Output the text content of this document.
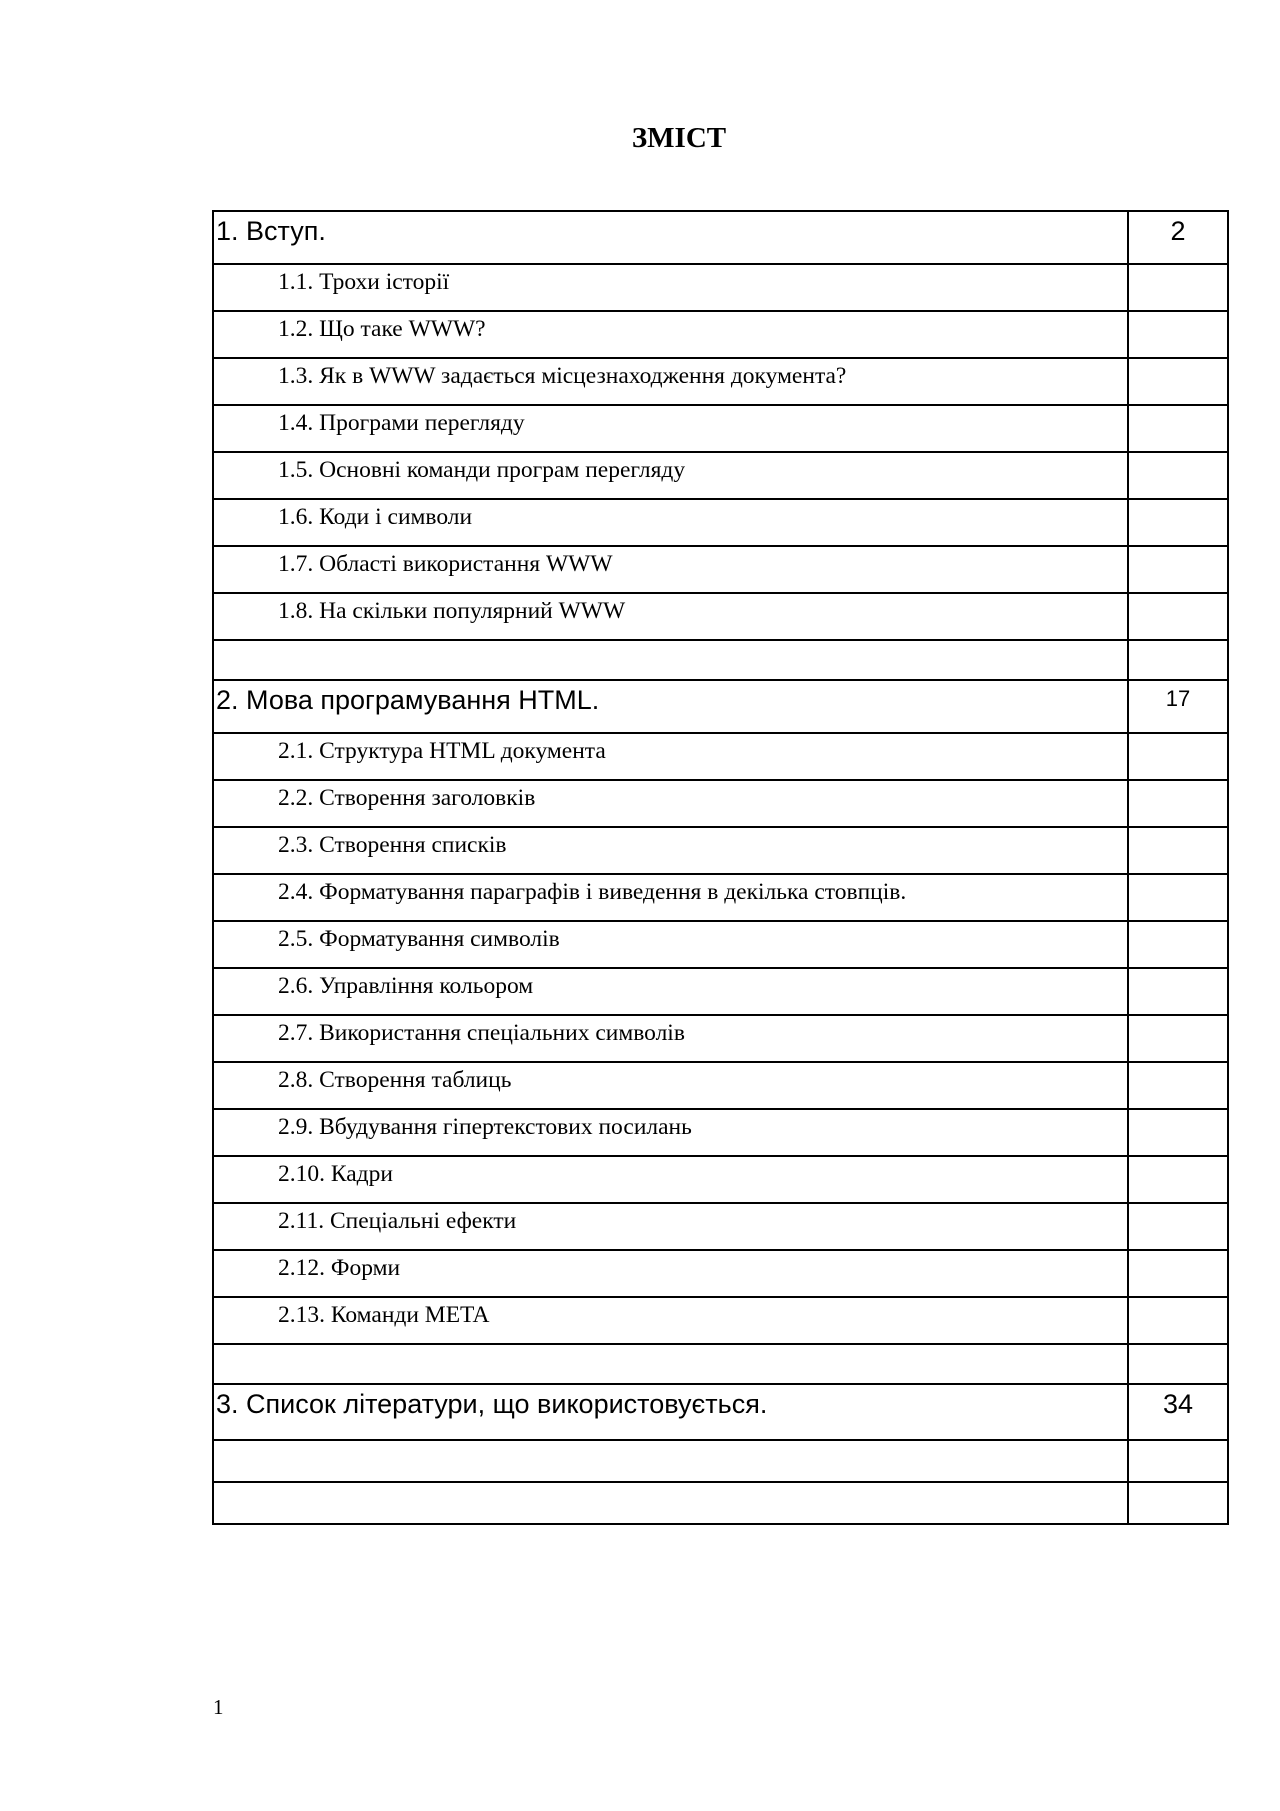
ЗМІСТ
1. Вступ.	2
1.1. Трохи історії	
1.2. Що таке WWW?	
1.3. Як в WWW задається місцезнаходження документа?	
1.4. Програми перегляду	
1.5. Основні команди програм перегляду	
1.6. Коди і символи	
1.7. Області використання WWW	
1.8. На скільки популярний WWW	

2. Мова програмування HTML.	17
2.1. Структура HTML документа	
2.2. Створення заголовків	
2.3. Створення списків	
2.4. Форматування параграфів і виведення в декілька стовпців.	
2.5. Форматування символів	
2.6. Управління кольором	
2.7. Використання спеціальних символів	
2.8. Створення таблиць	
2.9. Вбудування гіпертекстових посилань	
2.10. Кадри	
2.11. Спеціальні ефекти	
2.12. Форми	
2.13. Команди META	

3. Список літератури, що використовується.	34

1
